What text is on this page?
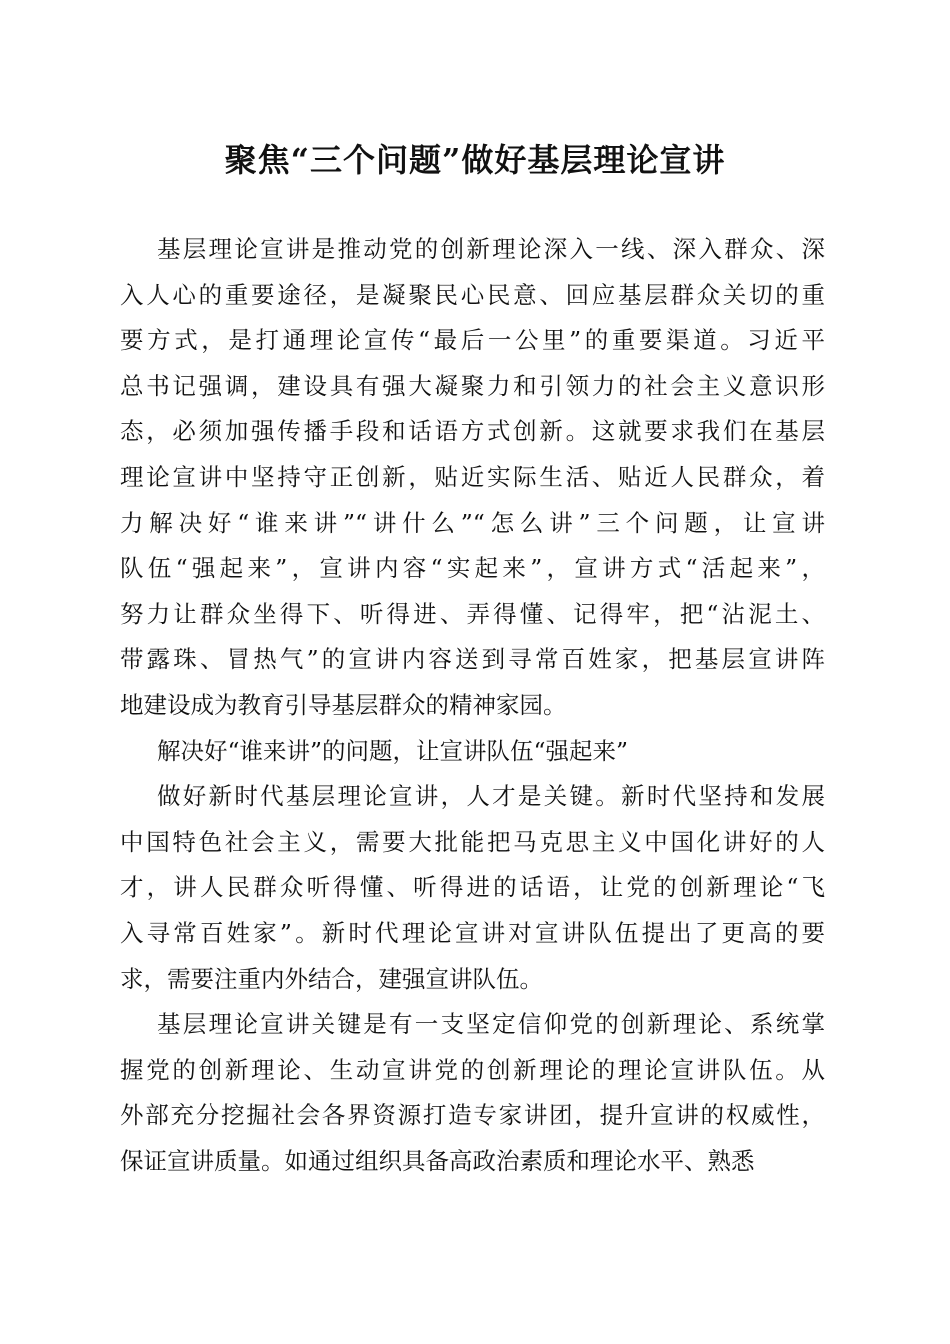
聚焦“三个问题”做好基层理论宣讲
基层理论宣讲是推动党的创新理论深入一线、深入群众、深
入人心的重要途径，是凝聚民心民意、回应基层群众关切的重
要方式，是打通理论宣传“最后一公里”的重要渠道。习近平
总书记强调，建设具有强大凝聚力和引领力的社会主义意识形
态，必须加强传播手段和话语方式创新。这就要求我们在基层
理论宣讲中坚持守正创新，贴近实际生活、贴近人民群众，着
力解决好“谁来讲”“讲什么”“怎么讲”三个问题，让宣讲
队伍“强起来”，宣讲内容“实起来”，宣讲方式“活起来”，
努力让群众坐得下、听得进、弄得懂、记得牢，把“沾泥土、
带露珠、冒热气”的宣讲内容送到寻常百姓家，把基层宣讲阵
地建设成为教育引导基层群众的精神家园。
解决好“谁来讲”的问题，让宣讲队伍“强起来”
做好新时代基层理论宣讲，人才是关键。新时代坚持和发展
中国特色社会主义，需要大批能把马克思主义中国化讲好的人
才，讲人民群众听得懂、听得进的话语，让党的创新理论“飞
入寻常百姓家”。新时代理论宣讲对宣讲队伍提出了更高的要
求，需要注重内外结合，建强宣讲队伍。
基层理论宣讲关键是有一支坚定信仰党的创新理论、系统掌
握党的创新理论、生动宣讲党的创新理论的理论宣讲队伍。从
外部充分挖掘社会各界资源打造专家讲团，提升宣讲的权威性，
保证宣讲质量。如通过组织具备高政治素质和理论水平、熟悉
